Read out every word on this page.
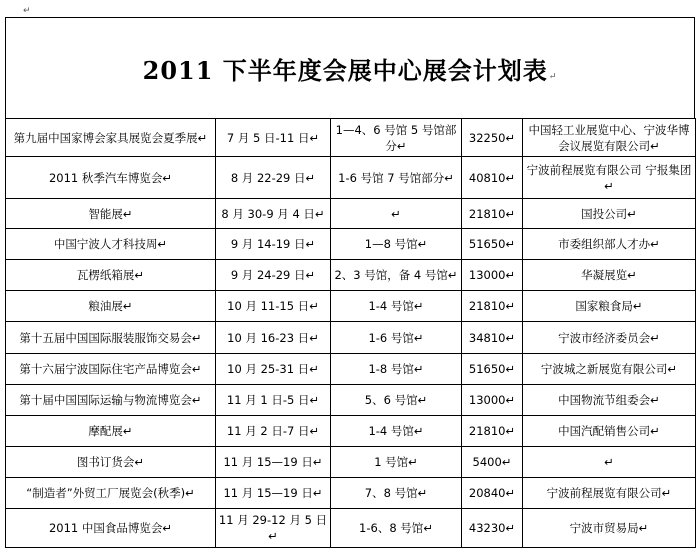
↵
2011 下半年度会展中心展会计划表↵
第九届中国家博会家具展览会夏季展↵	7 月 5 日-11 日↵	1—4、6 号馆 5 号馆部分↵	32250↵	中国轻工业展览中心、宁波华博会议展览有限公司↵
2011 秋季汽车博览会↵	8 月 22-29 日↵	1-6 号馆 7 号馆部分↵	40810↵	宁波前程展览有限公司 宁报集团↵
智能展↵	8 月 30-9 月 4 日↵	↵	21810↵	国投公司↵
中国宁波人才科技周↵	9 月 14-19 日↵	1—8 号馆↵	51650↵	市委组织部人才办↵
瓦楞纸箱展↵	9 月 24-29 日↵	2、3 号馆，备 4 号馆↵	13000↵	华凝展览↵
粮油展↵	10 月 11-15 日↵	1-4 号馆↵	21810↵	国家粮食局↵
第十五届中国国际服装服饰交易会↵	10 月 16-23 日↵	1-6 号馆↵	34810↵	宁波市经济委员会↵
第十六届宁波国际住宅产品博览会↵	10 月 25-31 日↵	1-8 号馆↵	51650↵	宁波城之新展览有限公司↵
第十届中国国际运输与物流博览会↵	11 月 1 日-5 日↵	5、6 号馆↵	13000↵	中国物流节组委会↵
摩配展↵	11 月 2 日-7 日↵	1-4 号馆↵	21810↵	中国汽配销售公司↵
图书订货会↵	11 月 15—19 日↵	1 号馆↵	5400↵	↵
“制造者”外贸工厂展览会(秋季)↵	11 月 15—19 日↵	7、8 号馆↵	20840↵	宁波前程展览有限公司↵
2011 中国食品博览会↵	11 月 29-12 月 5 日↵	1-6、8 号馆↵	43230↵	宁波市贸易局↵
